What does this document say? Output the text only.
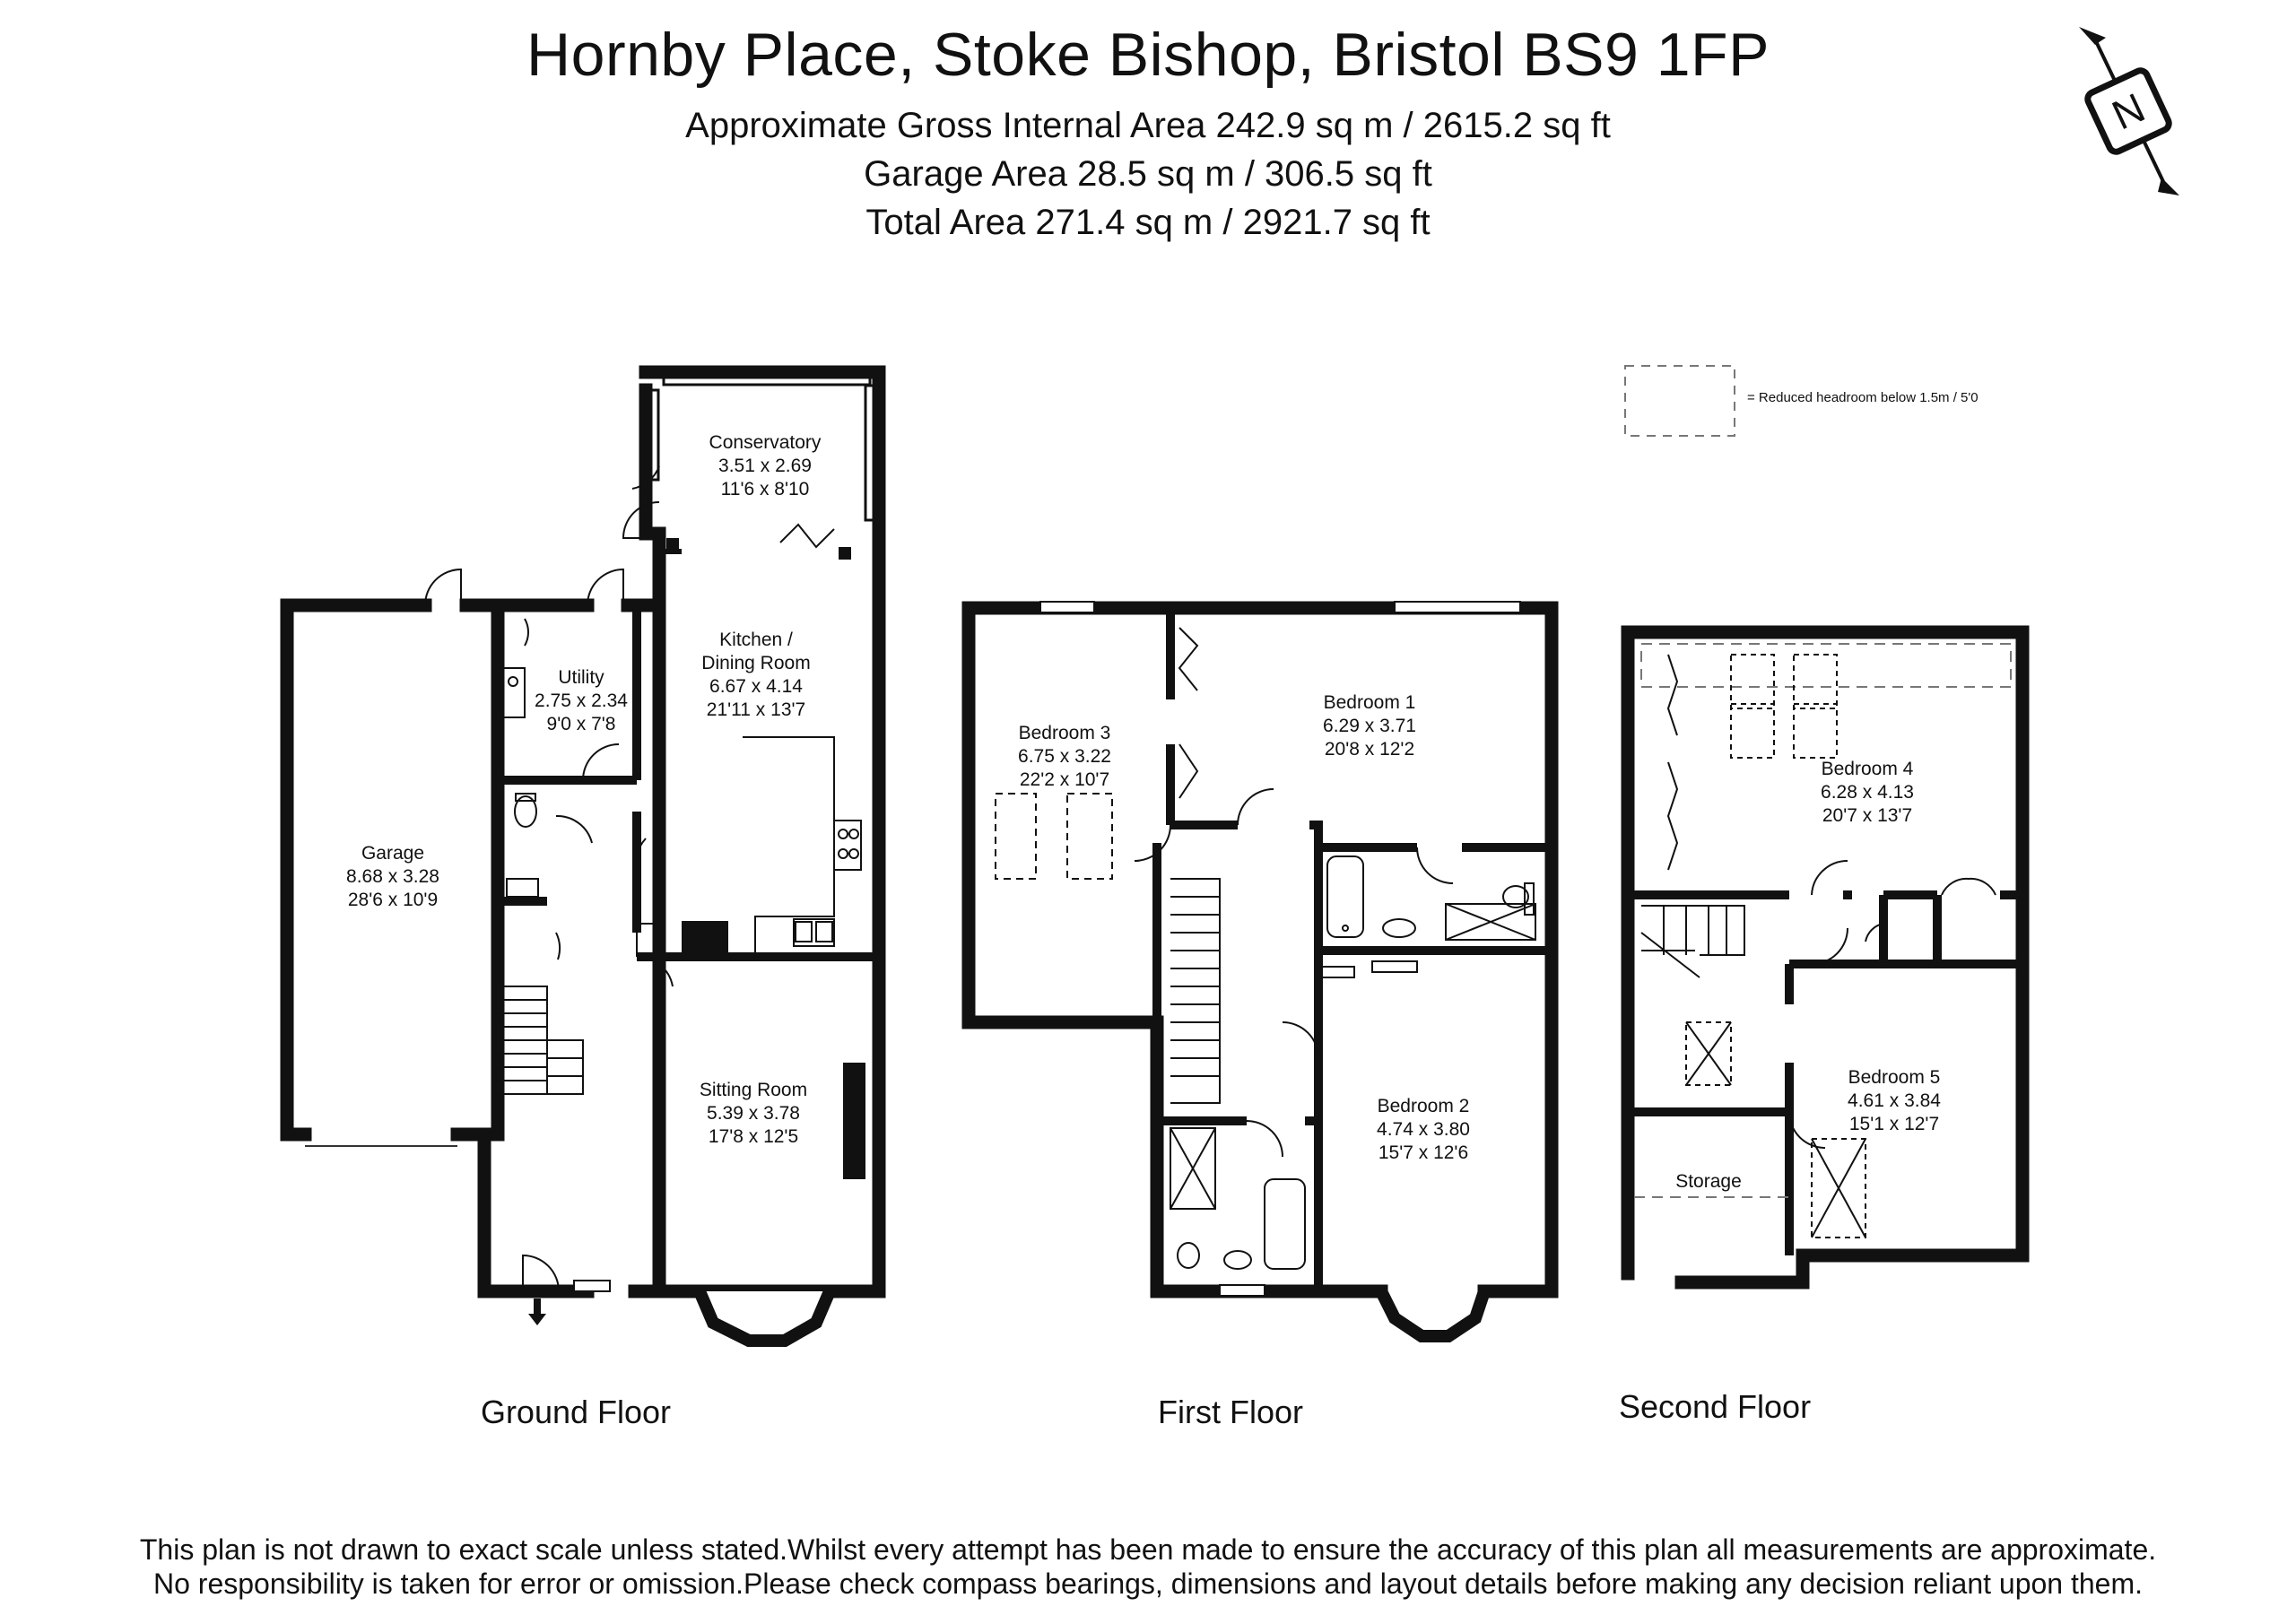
Hornby Place, Stoke Bishop, Bristol BS9 1FP
Approximate Gross Internal Area 242.9 sq m / 2615.2 sq ft
Garage Area 28.5 sq m / 306.5 sq ft
Total Area 271.4 sq m / 2921.7 sq ft
N
= Reduced headroom below 1.5m / 5'0
Conservatory
3.51 x 2.69
11'6 x 8'10
Kitchen /
Dining Room
6.67 x 4.14
21'11 x 13'7
Utility
2.75 x 2.34
9'0 x 7'8
Garage
8.68 x 3.28
28'6 x 10'9
Sitting Room
5.39 x 3.78
17'8 x 12'5
Bedroom 3
6.75 x 3.22
22'2 x 10'7
Bedroom 1
6.29 x 3.71
20'8 x 12'2
Bedroom 2
4.74 x 3.80
15'7 x 12'6
Bedroom 4
6.28 x 4.13
20'7 x 13'7
Bedroom 5
4.61 x 3.84
15'1 x 12'7
Storage
Ground Floor	First Floor	Second Floor

This plan is not drawn to exact scale unless stated.Whilst every attempt has been made to ensure the accuracy of this plan all measurements are approximate.

No responsibility is taken for error or omission.Please check compass bearings, dimensions and layout details before making any decision reliant upon them.
